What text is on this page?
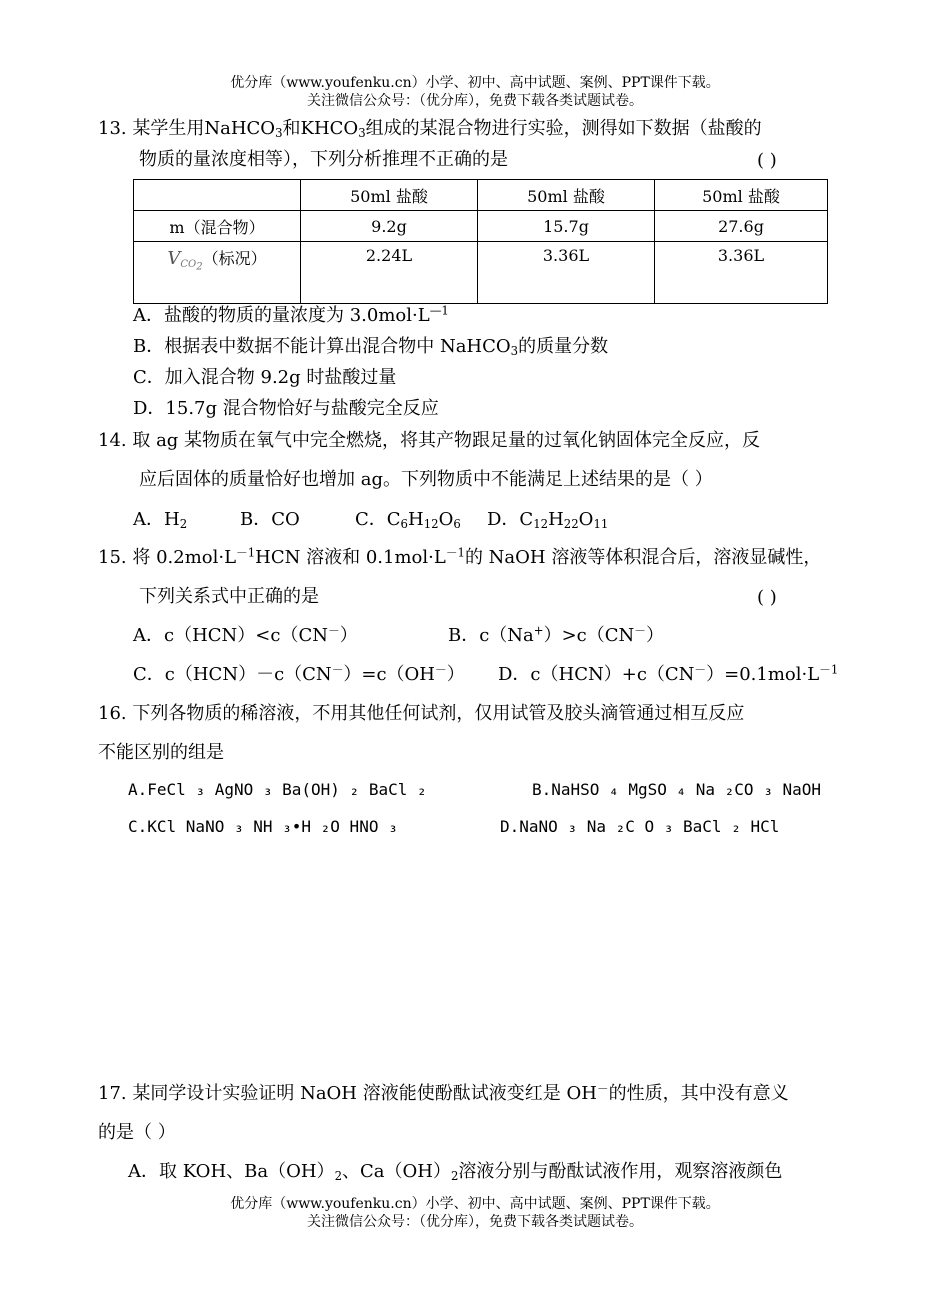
优分库（www.youfenku.cn）小学、初中、高中试题、案例、PPT课件下载。
关注微信公众号：（优分库），免费下载各类试题试卷。
13. 某学生用NaHCO$_3$和$KHCO_3$组成的某混合物进行实验，测得如下数据（盐酸的
物质的量浓度相等），下列分析推理不正确的是	( )
	50ml 盐酸	50ml 盐酸	50ml 盐酸
m（混合物）	9.2g	15.7g	27.6g
$V_{CO_2}$（标况）	2.24L	3.36L	3.36L
A．盐酸的物质的量浓度为 $3.0mol\cdot L^{—1}$
B．根据表中数据不能计算出混合物中 NaHCO$_3$的质量分数
C．加入混合物 9.2g 时盐酸过量
D．15.7g 混合物恰好与盐酸完全反应
14. 取 ag 某物质在氧气中完全燃烧，将其产物跟足量的过氧化钠固体完全反应，反
应后固体的质量恰好也增加 ag。下列物质中不能满足上述结果的是（ ）
A．$H_2$	B．CO	C．$C_6H_{12}O_6$ D．$C_{12}H_{22}O_{11}$
15. 将 $0.2mol\cdot L^{-1}HCN$ 溶液和 $0.1mol\cdot L^{-1}$的 NaOH 溶液等体积混合后，溶液显碱性，
下列关系式中正确的是	( )
A．c（HCN）<c（CN－）	B．c（Na+）>c（CN－）
C．c（HCN）－c（CN－）=c（OH－） D．$c(HCN)+c(CN^-)=0.1mol\cdot L^{-1}$
16. 下列各物质的稀溶液，不用其他任何试剂，仅用试管及胶头滴管通过相互反应
不能区别的组是
A.FeCl ₃ AgNO ₃ Ba(OH) ₂ BaCl ₂	B.NaHSO ₄ MgSO ₄ Na ₂CO ₃ NaOH
C.KCl NaNO ₃ NH ₃•H ₂O HNO ₃	D.NaNO ₃ Na ₂C O ₃ BaCl ₂ HCl
17. 某同学设计实验证明 NaOH 溶液能使酚酞试液变红是 OH－的性质，其中没有意义
的是（ ）
A．取 KOH、$Ba(OH)_2$、$Ca(OH)_2$溶液分别与酚酞试液作用，观察溶液颜色
优分库（www.youfenku.cn）小学、初中、高中试题、案例、PPT课件下载。
关注微信公众号：（优分库），免费下载各类试题试卷。
